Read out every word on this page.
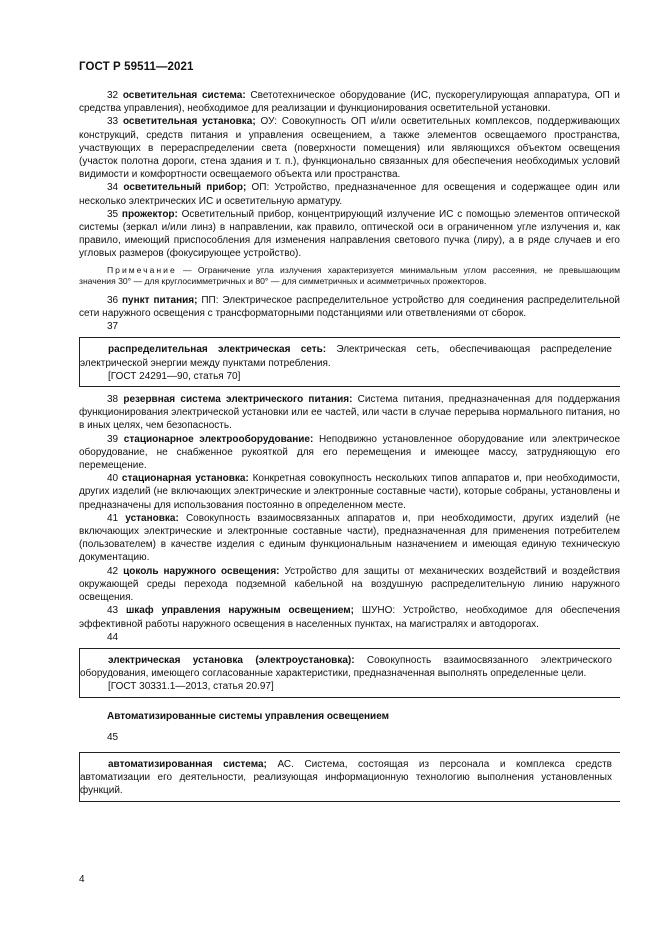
ГОСТ Р 59511—2021

32 осветительная система: Светотехническое оборудование (ИС, пускорегулирующая аппаратура, ОП и средства управления), необходимое для реализации и функционирования осветительной установки.

33 осветительная установка; ОУ: Совокупность ОП и/или осветительных комплексов, поддерживающих конструкций, средств питания и управления освещением, а также элементов освещаемого пространства, участвующих в перераспределении света (поверхности помещения) или являющихся объектом освещения (участок полотна дороги, стена здания и т. п.), функционально связанных для обеспечения необходимых условий видимости и комфортности освещаемого объекта или пространства.

34 осветительный прибор; ОП: Устройство, предназначенное для освещения и содержащее один или несколько электрических ИС и осветительную арматуру.

35 прожектор: Осветительный прибор, концентрирующий излучение ИС с помощью элементов оптической системы (зеркал и/или линз) в направлении, как правило, оптической оси в ограниченном угле излучения и, как правило, имеющий приспособления для изменения направления светового пучка (лиру), а в ряде случаев и его угловых размеров (фокусирующее устройство).

Примечание — Ограничение угла излучения характеризуется минимальным углом рассеяния, не превышающим значения 30° — для круглосимметричных и 80° — для симметричных и асимметричных прожекторов.

36 пункт питания; ПП: Электрическое распределительное устройство для соединения распределительной сети наружного освещения с трансформаторными подстанциями или ответвлениями от сборок.

37

распределительная электрическая сеть: Электрическая сеть, обеспечивающая распределение электрической энергии между пунктами потребления.

[ГОСТ 24291—90, статья 70]

38 резервная система электрического питания: Система питания, предназначенная для поддержания функционирования электрической установки или ее частей, или части в случае перерыва нормального питания, но в иных целях, чем безопасность.

39 стационарное электрооборудование: Неподвижно установленное оборудование или электрическое оборудование, не снабженное рукояткой для его перемещения и имеющее массу, затрудняющую его перемещение.

40 стационарная установка: Конкретная совокупность нескольких типов аппаратов и, при необходимости, других изделий (не включающих электрические и электронные составные части), которые собраны, установлены и предназначены для использования постоянно в определенном месте.

41 установка: Совокупность взаимосвязанных аппаратов и, при необходимости, других изделий (не включающих электрические и электронные составные части), предназначенная для применения потребителем (пользователем) в качестве изделия с единым функциональным назначением и имеющая единую техническую документацию.

42 цоколь наружного освещения: Устройство для защиты от механических воздействий и воздействия окружающей среды перехода подземной кабельной на воздушную распределительную линию наружного освещения.

43 шкаф управления наружным освещением; ШУНО: Устройство, необходимое для обеспечения эффективной работы наружного освещения в населенных пунктах, на магистралях и автодорогах.

44

электрическая установка (электроустановка): Совокупность взаимосвязанного электрического оборудования, имеющего согласованные характеристики, предназначенная выполнять определенные цели.

[ГОСТ 30331.1—2013, статья 20.97]

Автоматизированные системы управления освещением

45

автоматизированная система; АС. Система, состоящая из персонала и комплекса средств автоматизации его деятельности, реализующая информационную технологию выполнения установленных функций.

4
